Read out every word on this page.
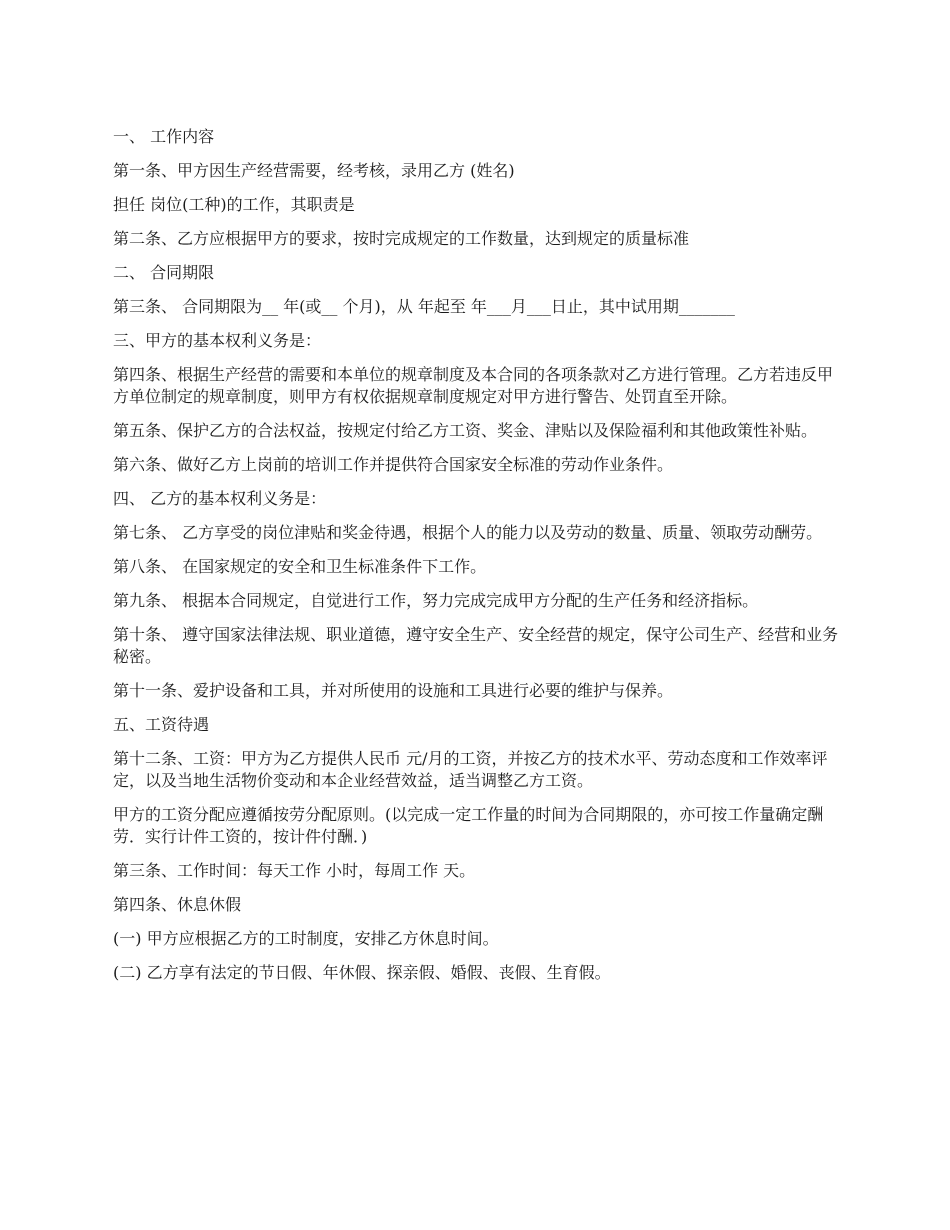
一、 工作内容

第一条、甲方因生产经营需要，经考核，录用乙方 (姓名)

担任 岗位(工种)的工作，其职责是

第二条、乙方应根据甲方的要求，按时完成规定的工作数量，达到规定的质量标准

二、 合同期限

第三条、 合同期限为__ 年(或__ 个月)，从 年起至 年___月___日止，其中试用期_______

三、甲方的基本权利义务是：

第四条、根据生产经营的需要和本单位的规章制度及本合同的各项条款对乙方进行管理。乙方若违反甲方单位制定的规章制度，则甲方有权依据规章制度规定对甲方进行警告、处罚直至开除。

第五条、保护乙方的合法权益，按规定付给乙方工资、奖金、津贴以及保险福利和其他政策性补贴。

第六条、做好乙方上岗前的培训工作并提供符合国家安全标准的劳动作业条件。

四、 乙方的基本权利义务是：

第七条、 乙方享受的岗位津贴和奖金待遇，根据个人的能力以及劳动的数量、质量、领取劳动酬劳。

第八条、 在国家规定的安全和卫生标准条件下工作。

第九条、 根据本合同规定，自觉进行工作，努力完成完成甲方分配的生产任务和经济指标。

第十条、 遵守国家法律法规、职业道德，遵守安全生产、安全经营的规定，保守公司生产、经营和业务秘密。

第十一条、爱护设备和工具，并对所使用的设施和工具进行必要的维护与保养。

五、工资待遇

第十二条、工资：甲方为乙方提供人民币 元/月的工资，并按乙方的技术水平、劳动态度和工作效率评定，以及当地生活物价变动和本企业经营效益，适当调整乙方工资。

甲方的工资分配应遵循按劳分配原则。(以完成一定工作量的时间为合同期限的，亦可按工作量确定酬劳．实行计件工资的，按计件付酬．)

第三条、工作时间：每天工作 小时，每周工作 天。

第四条、休息休假

(一) 甲方应根据乙方的工时制度，安排乙方休息时间。

(二) 乙方享有法定的节日假、年休假、探亲假、婚假、丧假、生育假。
